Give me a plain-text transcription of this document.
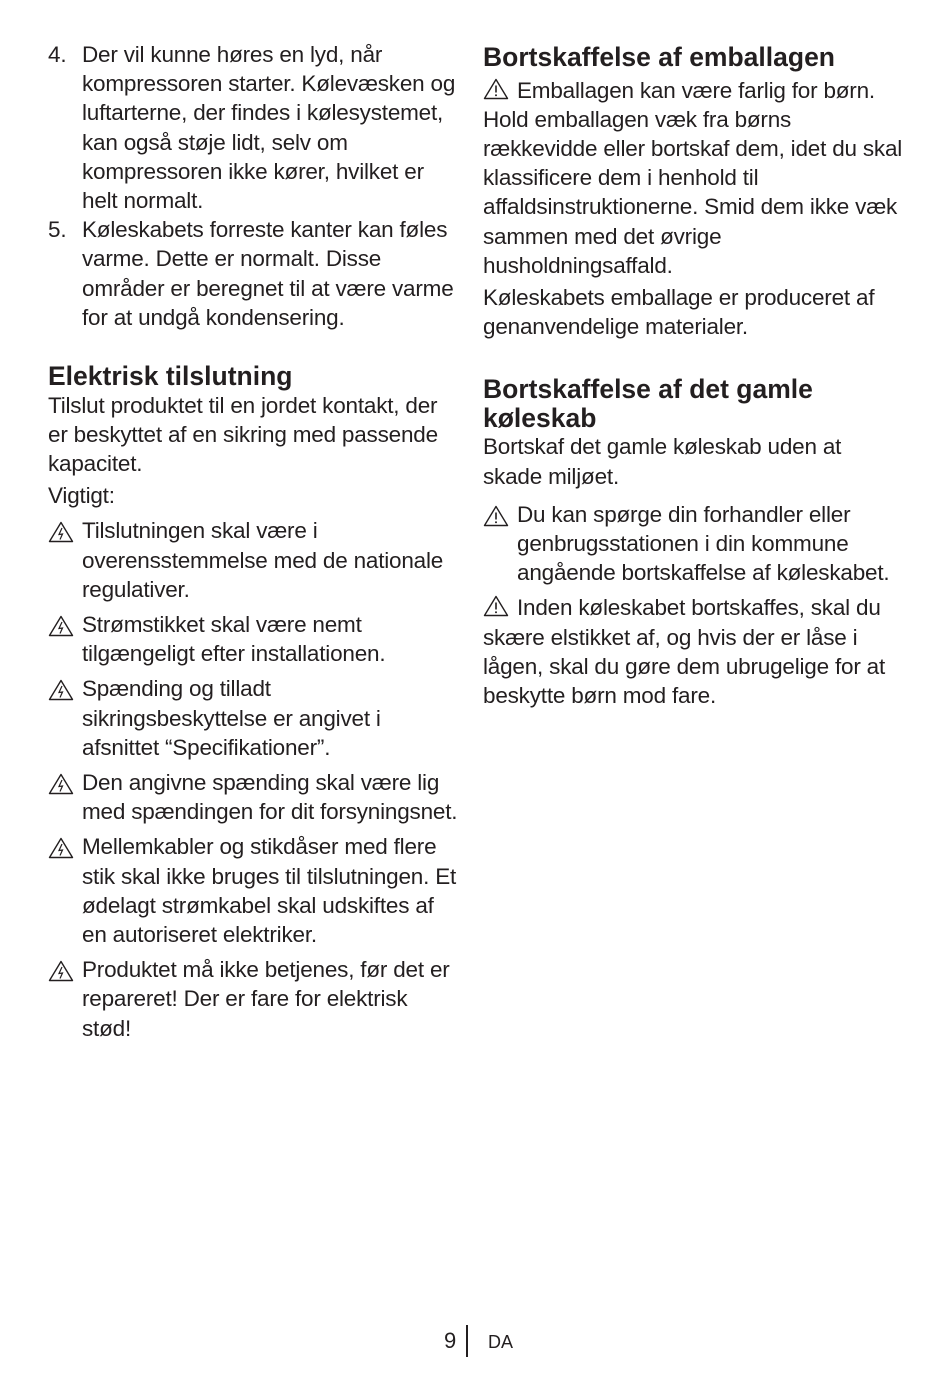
4. Der vil kunne høres en lyd, når kompressoren starter. Kølevæsken og luftarterne, der findes i kølesystemet, kan også støje lidt, selv om kompressoren ikke kører, hvilket er helt normalt.
5. Køleskabets forreste kanter kan føles varme. Dette er normalt. Disse områder er beregnet til at være varme for at undgå kondensering.
Elektrisk tilslutning
Tilslut produktet til en jordet kontakt, der er beskyttet af en sikring med passende kapacitet.
Vigtigt:
Tilslutningen skal være i overensstemmelse med de nationale regulativer.
Strømstikket skal være nemt tilgængeligt efter installationen.
Spænding og tilladt sikringsbeskyttelse er angivet i afsnittet “Specifikationer”.
Den angivne spænding skal være lig med spændingen for dit forsyningsnet.
Mellemkabler og stikdåser med flere stik skal ikke bruges til tilslutningen. Et ødelagt strømkabel skal udskiftes af en autoriseret elektriker.
Produktet må ikke betjenes, før det er repareret! Der er fare for elektrisk stød!
Bortskaffelse af emballagen
Emballagen kan være farlig for børn. Hold emballagen væk fra børns rækkevidde eller bortskaf dem, idet du skal klassificere dem i henhold til affaldsinstruktionerne. Smid dem ikke væk sammen med det øvrige husholdningsaffald.
Køleskabets emballage er produceret af genanvendelige materialer.
Bortskaffelse af det gamle køleskab
Bortskaf det gamle køleskab uden at skade miljøet.
Du kan spørge din forhandler eller genbrugsstationen i din kommune angående bortskaffelse af køleskabet.
Inden køleskabet bortskaffes, skal du skære elstikket af, og hvis der er låse i lågen, skal du gøre dem ubrugelige for at beskytte børn mod fare.
9 DA
